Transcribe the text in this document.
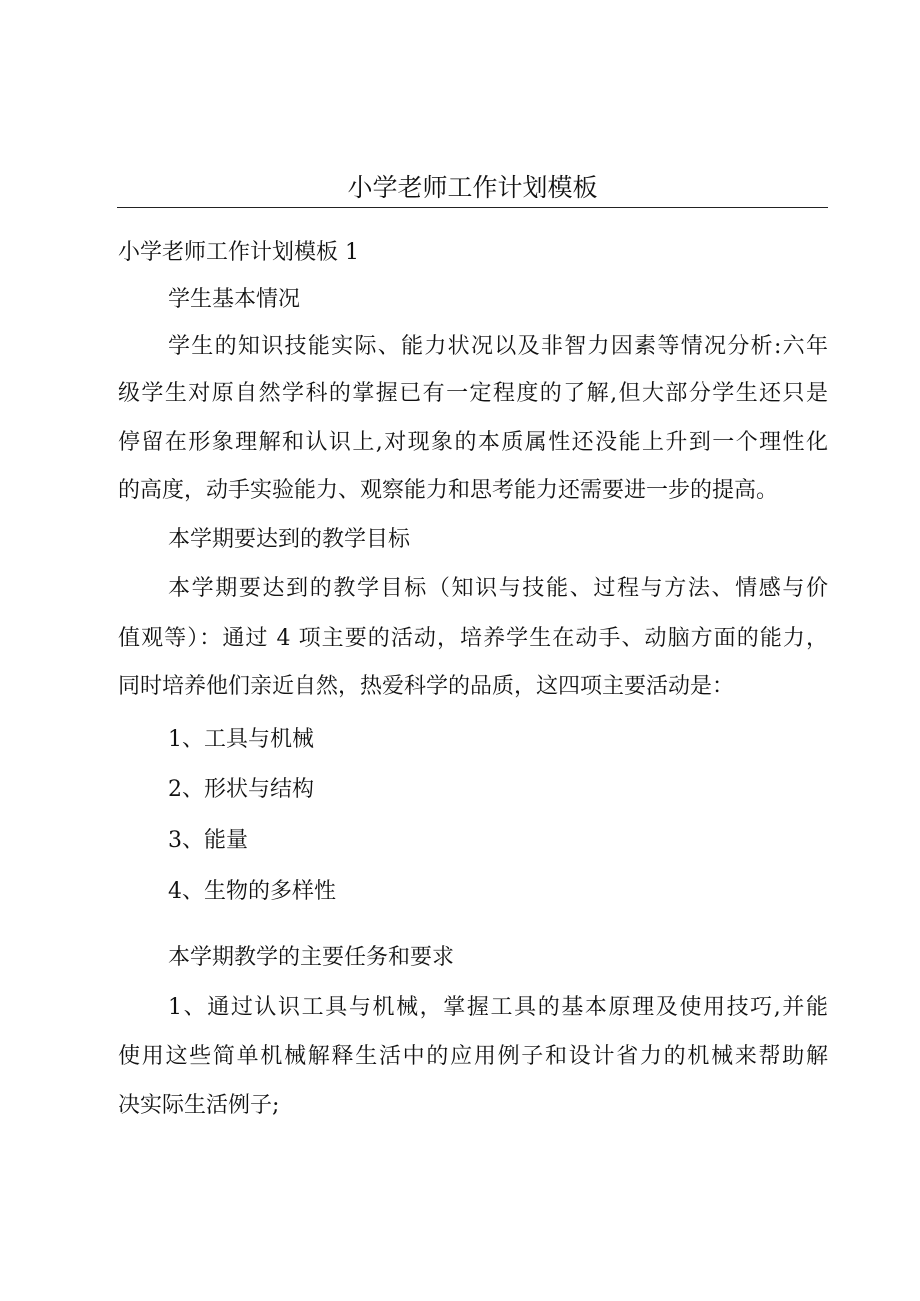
小学老师工作计划模板
小学老师工作计划模板 1
学生基本情况
学生的知识技能实际、能力状况以及非智力因素等情况分析:六年
级学生对原自然学科的掌握已有一定程度的了解,但大部分学生还只是
停留在形象理解和认识上,对现象的本质属性还没能上升到一个理性化
的高度，动手实验能力、观察能力和思考能力还需要进一步的提高。
本学期要达到的教学目标
本学期要达到的教学目标（知识与技能、过程与方法、情感与价
值观等）：通过 4 项主要的活动，培养学生在动手、动脑方面的能力，
同时培养他们亲近自然，热爱科学的品质，这四项主要活动是：
1、工具与机械
2、形状与结构
3、能量
4、生物的多样性
本学期教学的主要任务和要求
1、通过认识工具与机械，掌握工具的基本原理及使用技巧,并能
使用这些简单机械解释生活中的应用例子和设计省力的机械来帮助解
决实际生活例子;
